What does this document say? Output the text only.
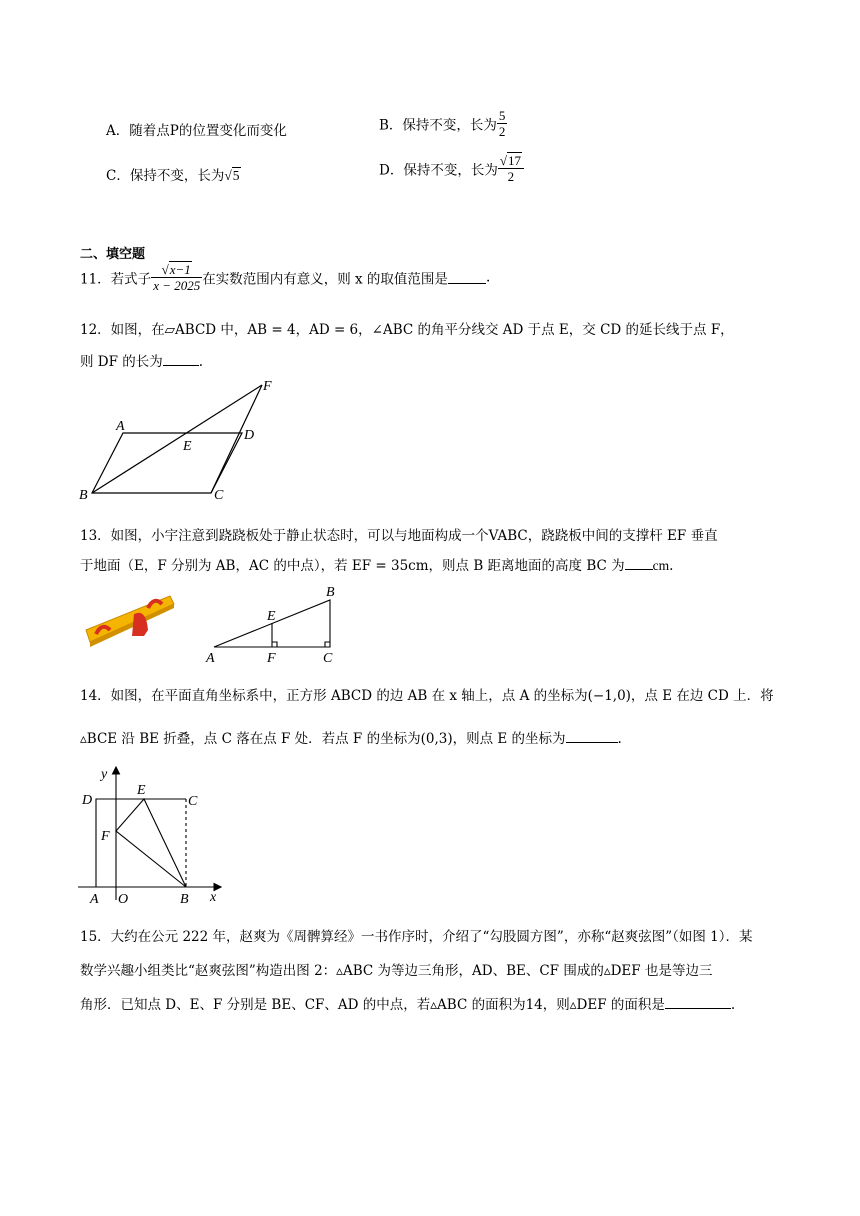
A．随着点P的位置变化而变化	B．保持不变，长为 $\frac{5}{2}$
C．保持不变，长为√5	D．保持不变，长为 $\frac{√17}{2}$
二、填空题
11．若式子 $\frac{√x-1}{x - 2025}$ 在实数范围内有意义，则 x 的取值范围是	.
12．如图，在▱ABCD 中，AB = 4，AD = 6，∠ABC 的角平分线交 AD 于点 E，交 CD 的延长线于点 F，
则 DF 的长为	.
A
B	C
D
E
F
13．如图，小宇注意到跷跷板处于静止状态时，可以与地面构成一个VABC，跷跷板中间的支撑杆 EF 垂直
于地面（E，F 分别为 AB，AC 的中点），若 EF = 35cm，则点 B 距离地面的高度 BC 为 cm.
A
B
C
E
F
14．如图，在平面直角坐标系中，正方形 ABCD 的边 AB 在 x 轴上，点 A 的坐标为(−1,0)，点 E 在边 CD 上．将
▵BCE 沿 BE 折叠，点 C 落在点 F 处．若点 F 的坐标为(0,3)，则点 E 的坐标为	.
y
x
D
E
C
F
A O	B
15．大约在公元 222 年，赵爽为《周髀算经》一书作序时，介绍了“勾股圆方图”，亦称“赵爽弦图”（如图 1）．某
数学兴趣小组类比“赵爽弦图”构造出图 2：▵ABC 为等边三角形，AD、BE、CF 围成的▵DEF 也是等边三
角形．已知点 D、E、F 分别是 BE、CF、AD 的中点，若▵ABC 的面积为14，则▵DEF 的面积是	.
